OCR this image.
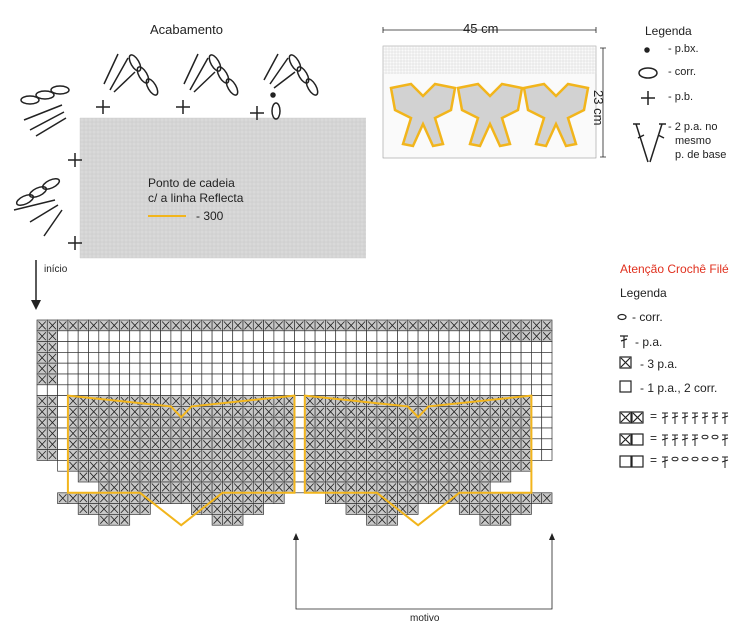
Acabamento
Ponto de cadeia
c/ a linha Reflecta
- 300
início
45 cm
23 cm
Legenda
- p.bx.
- corr.
- p.b.
- 2 p.a. no
mesmo
p. de base
Atenção Crochê Filé
Legenda
- corr.
- p.a.
- 3 p.a.
- 1 p.a., 2 corr.
=
=
=
motivo
